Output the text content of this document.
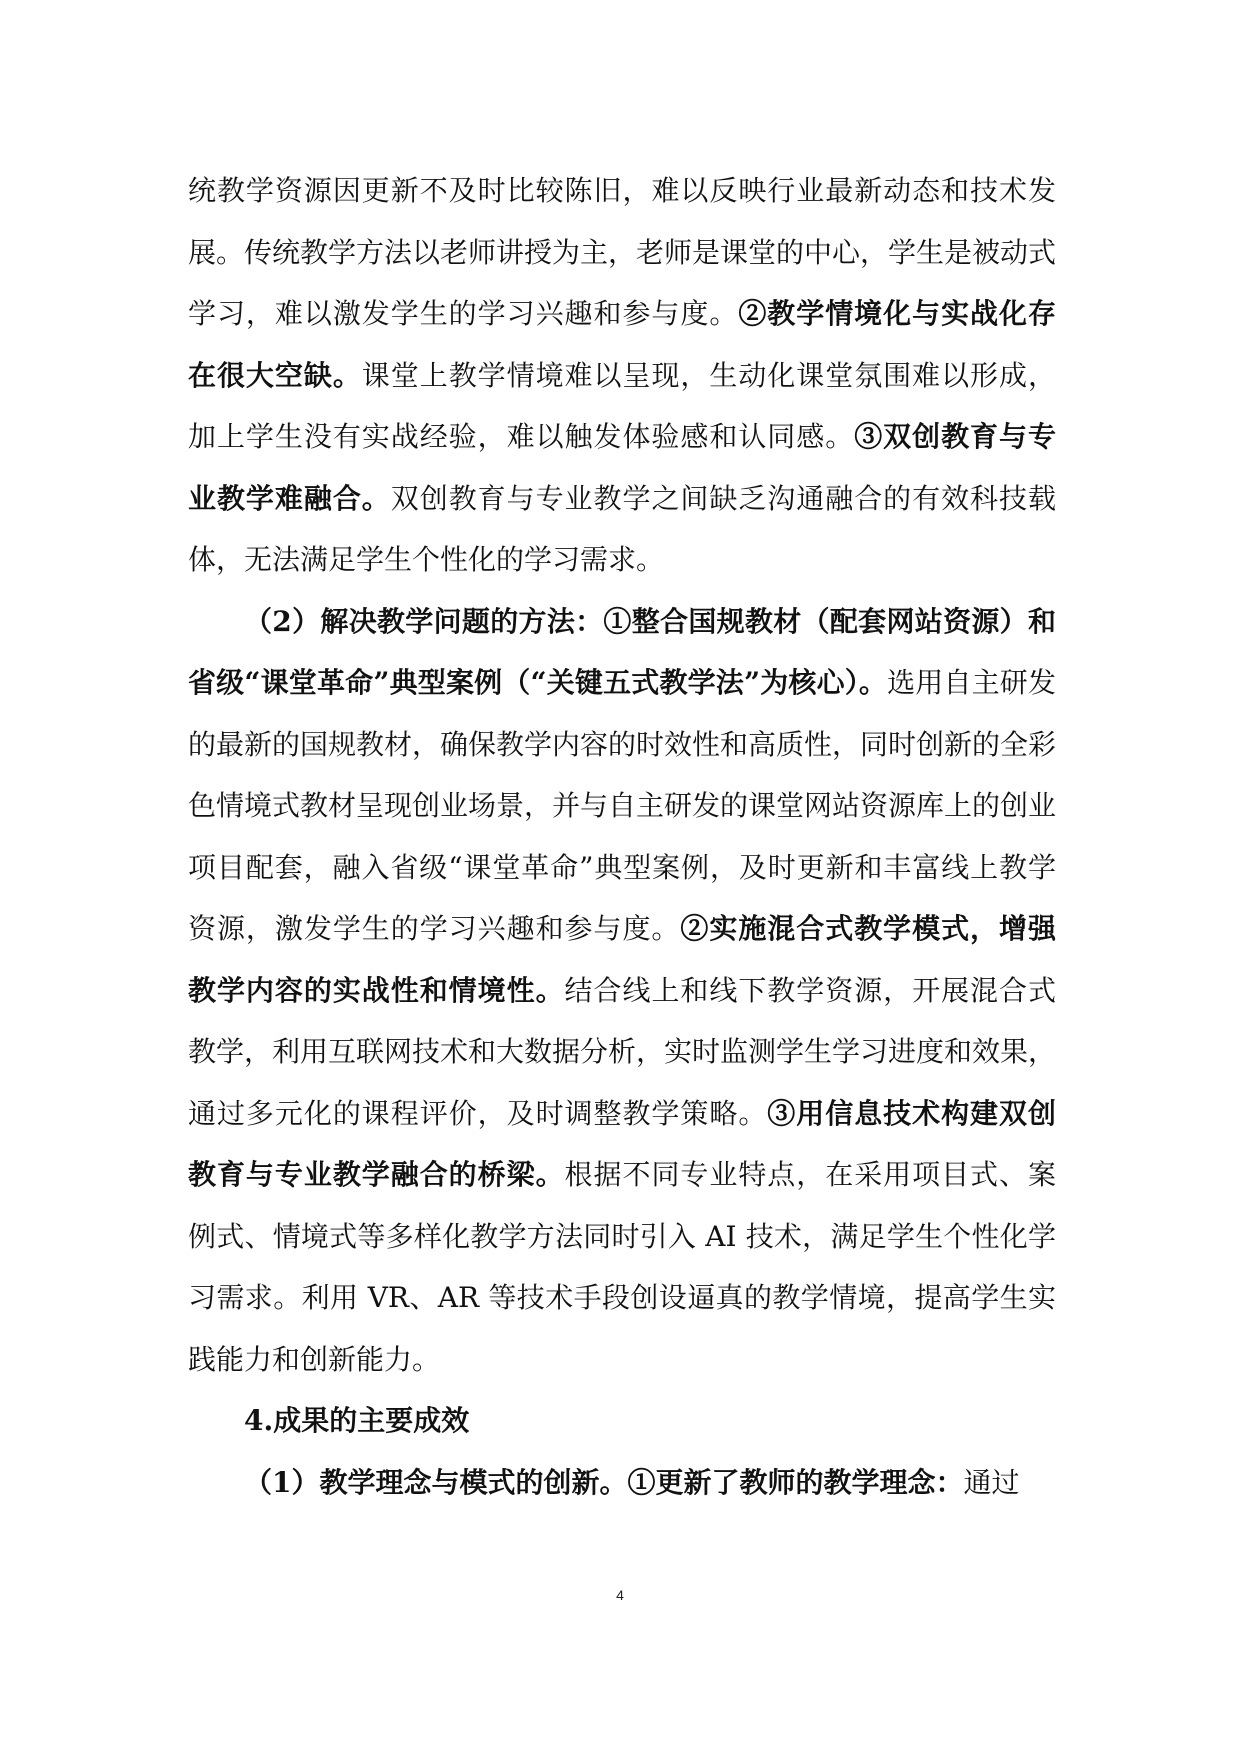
统教学资源因更新不及时比较陈旧，难以反映行业最新动态和技术发展。传统教学方法以老师讲授为主，老师是课堂的中心，学生是被动式学习，难以激发学生的学习兴趣和参与度。②教学情境化与实战化存在很大空缺。课堂上教学情境难以呈现，生动化课堂氛围难以形成，加上学生没有实战经验，难以触发体验感和认同感。③双创教育与专业教学难融合。双创教育与专业教学之间缺乏沟通融合的有效科技载体，无法满足学生个性化的学习需求。

（2）解决教学问题的方法：①整合国规教材（配套网站资源）和省级“课堂革命”典型案例（“关键五式教学法”为核心）。选用自主研发的最新的国规教材，确保教学内容的时效性和高质性，同时创新的全彩色情境式教材呈现创业场景，并与自主研发的课堂网站资源库上的创业项目配套，融入省级“课堂革命”典型案例，及时更新和丰富线上教学资源，激发学生的学习兴趣和参与度。②实施混合式教学模式，增强教学内容的实战性和情境性。结合线上和线下教学资源，开展混合式教学，利用互联网技术和大数据分析，实时监测学生学习进度和效果，通过多元化的课程评价，及时调整教学策略。③用信息技术构建双创教育与专业教学融合的桥梁。根据不同专业特点，在采用项目式、案例式、情境式等多样化教学方法同时引入 AI 技术，满足学生个性化学习需求。利用 VR、AR 等技术手段创设逼真的教学情境，提高学生实践能力和创新能力。

4.成果的主要成效

（1）教学理念与模式的创新。①更新了教师的教学理念：通过

4
